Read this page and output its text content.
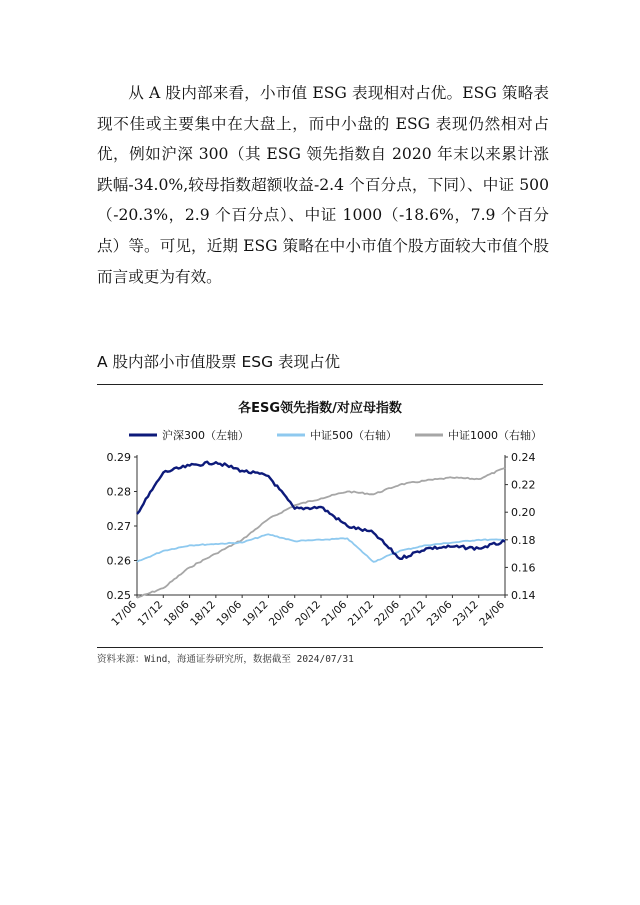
从 A 股内部来看，小市值 ESG 表现相对占优。ESG 策略表现不佳或主要集中在大盘上，而中小盘的 ESG 表现仍然相对占优，例如沪深 300（其 ESG 领先指数自 2020 年末以来累计涨跌幅-34.0%,较母指数超额收益-2.4 个百分点，下同）、中证 500（-20.3%，2.9 个百分点）、中证 1000（-18.6%，7.9 个百分点）等。可见，近期 ESG 策略在中小市值个股方面较大市值个股而言或更为有效。

A 股内部小市值股票 ESG 表现占优
各ESG领先指数/对应母指数
沪深300（左轴）	中证500（右轴）	中证1000（右轴）
0.25
0.26
0.27
0.28
0.29
0.14
0.16
0.18
0.20
0.22
0.24
17/06
17/12
18/06
18/12
19/06
19/12
20/06
20/12
21/06
21/12
22/06
22/12
23/06
23/12
24/06
资料来源：Wind，海通证券研究所，数据截至 2024/07/31
